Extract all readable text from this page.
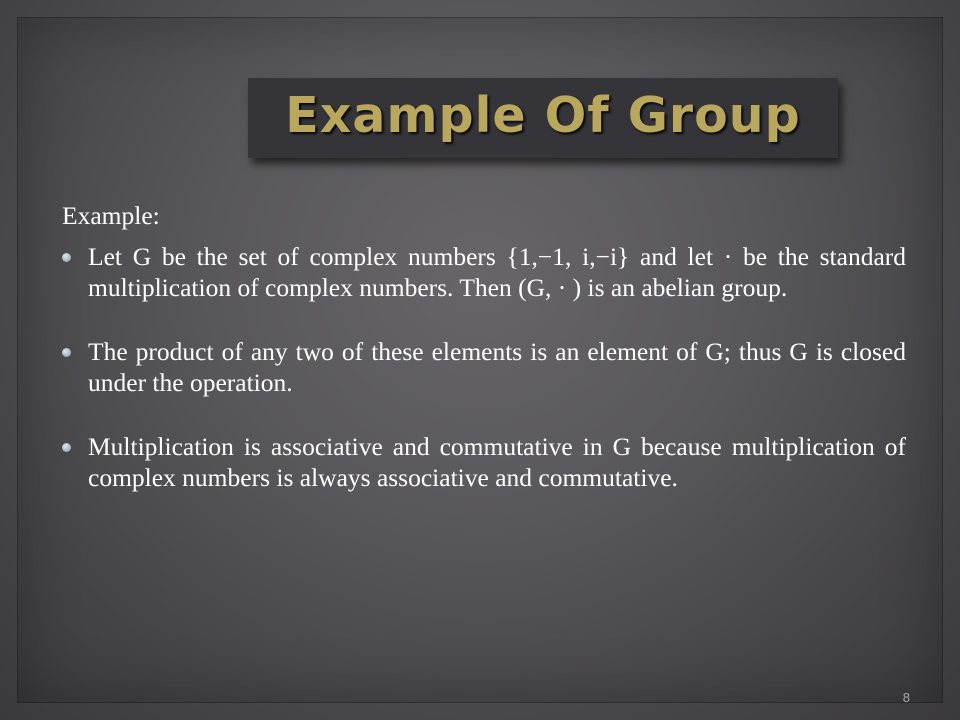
Example Of Group

Example:

Let G be the set of complex numbers {1,−1, i,−i} and let · be the standard multiplication of complex numbers. Then (G, · ) is an abelian group.
The product of any two of these elements is an element of G; thus G is closed under the operation.
Multiplication is associative and commutative in G because multiplication of complex numbers is always associative and commutative.
8
